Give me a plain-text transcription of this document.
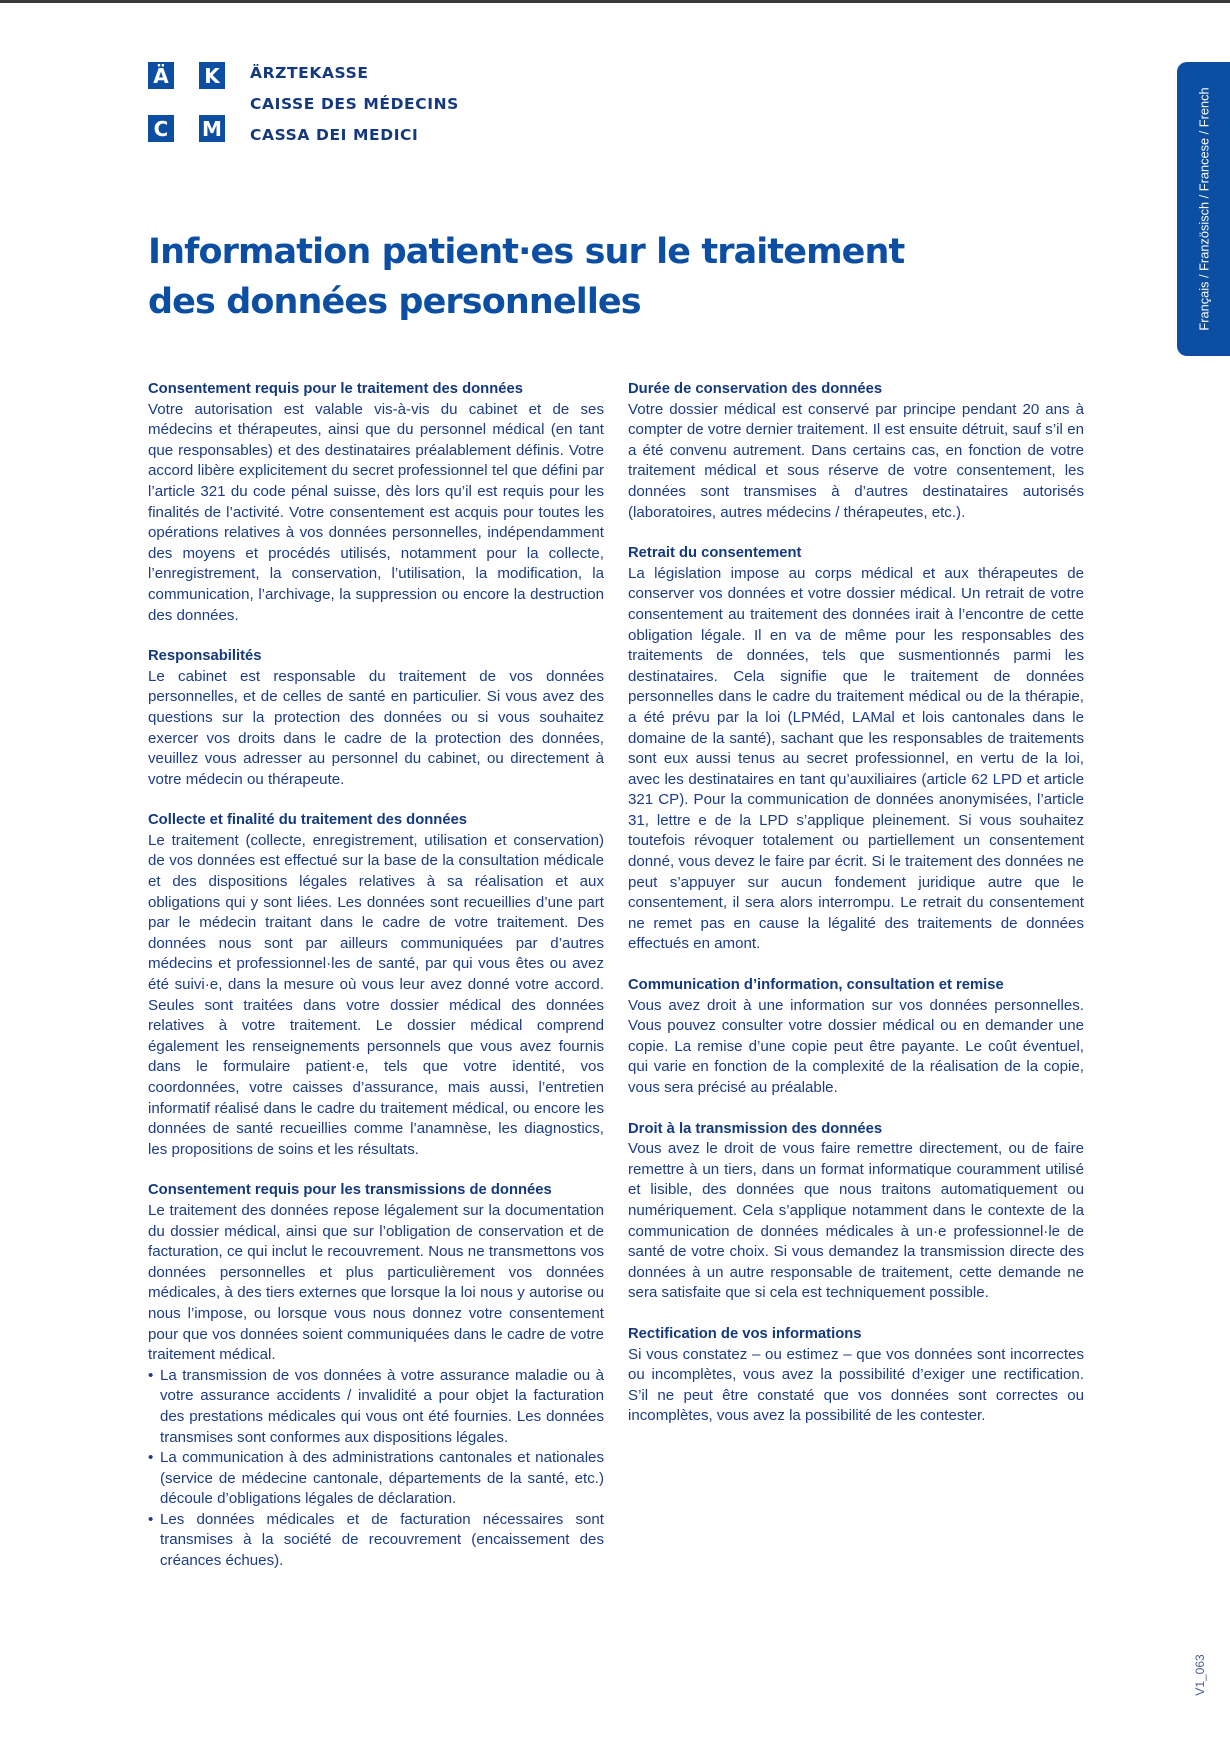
Ä K
C M
ÄRZTEKASSE
CAISSE DES MÉDECINS
CASSA DEI MEDICI
Information patient·es sur le traitement
des données personnelles	Français / Französisch / Francese / French
Consentement requis pour le traitement des données

Votre autorisation est valable vis-à-vis du cabinet et de ses médecins et thérapeutes, ainsi que du personnel médical (en tant que responsables) et des destinataires préalablement définis. Votre accord libère explicitement du secret professionnel tel que défini par l’article 321 du code pénal suisse, dès lors qu’il est requis pour les finalités de l’activité. Votre consentement est acquis pour toutes les opérations relatives à vos données personnelles, indépendamment des moyens et procédés utilisés, notamment pour la collecte, l’enregistrement, la conservation, l’utilisation, la modification, la communication, l’archivage, la suppression ou encore la destruction des données.

Responsabilités

Le cabinet est responsable du traitement de vos données personnelles, et de celles de santé en particulier. Si vous avez des questions sur la protection des données ou si vous souhaitez exercer vos droits dans le cadre de la protection des données, veuillez vous adresser au personnel du cabinet, ou directement à votre médecin ou thérapeute.

Collecte et finalité du traitement des données

Le traitement (collecte, enregistrement, utilisation et conservation) de vos données est effectué sur la base de la consultation médicale et des dispositions légales relatives à sa réalisation et aux obligations qui y sont liées. Les données sont recueillies d’une part par le médecin traitant dans le cadre de votre traitement. Des données nous sont par ailleurs communiquées par d’autres médecins et professionnel·les de santé, par qui vous êtes ou avez été suivi·e, dans la mesure où vous leur avez donné votre accord. Seules sont traitées dans votre dossier médical des données relatives à votre traitement. Le dossier médical comprend également les renseignements personnels que vous avez fournis dans le formulaire patient·e, tels que votre identité, vos coordonnées, votre caisses d’assurance, mais aussi, l’entretien informatif réalisé dans le cadre du traitement médical, ou encore les données de santé recueillies comme l’anamnèse, les diagnostics, les propositions de soins et les résultats.

Consentement requis pour les transmissions de données

Le traitement des données repose légalement sur la documentation du dossier médical, ainsi que sur l’obligation de conservation et de facturation, ce qui inclut le recouvrement. Nous ne transmettons vos données personnelles et plus particulièrement vos données médicales, à des tiers externes que lorsque la loi nous y autorise ou nous l’impose, ou lorsque vous nous donnez votre consentement pour que vos données soient communiquées dans le cadre de votre traitement médical.

• La transmission de vos données à votre assurance maladie ou à votre assurance accidents / invalidité a pour objet la facturation des prestations médicales qui vous ont été fournies. Les données transmises sont conformes aux dispositions légales.
• La communication à des administrations cantonales et nationales (service de médecine cantonale, départements de la santé, etc.) découle d’obligations légales de déclaration.
• Les données médicales et de facturation nécessaires sont transmises à la société de recouvrement (encaissement des créances échues).
Durée de conservation des données

Votre dossier médical est conservé par principe pendant 20 ans à compter de votre dernier traitement. Il est ensuite détruit, sauf s’il en a été convenu autrement. Dans certains cas, en fonction de votre traitement médical et sous réserve de votre consentement, les données sont transmises à d’autres destinataires autorisés (laboratoires, autres médecins / thérapeutes, etc.).

Retrait du consentement

La législation impose au corps médical et aux thérapeutes de conserver vos données et votre dossier médical. Un retrait de votre consentement au traitement des données irait à l’encontre de cette obligation légale. Il en va de même pour les responsables des traitements de données, tels que susmentionnés parmi les destinataires. Cela signifie que le traitement de données personnelles dans le cadre du traitement médical ou de la thérapie, a été prévu par la loi (LPMéd, LAMal et lois cantonales dans le domaine de la santé), sachant que les responsables de traitements sont eux aussi tenus au secret professionnel, en vertu de la loi, avec les destinataires en tant qu’auxiliaires (article 62 LPD et article 321 CP). Pour la communication de données anonymisées, l’article 31, lettre e de la LPD s’applique pleinement. Si vous souhaitez toutefois révoquer totalement ou partiellement un consentement donné, vous devez le faire par écrit. Si le traitement des données ne peut s’appuyer sur aucun fondement juridique autre que le consentement, il sera alors interrompu. Le retrait du consentement ne remet pas en cause la légalité des traitements de données effectués en amont.

Communication d’information, consultation et remise

Vous avez droit à une information sur vos données personnelles. Vous pouvez consulter votre dossier médical ou en demander une copie. La remise d’une copie peut être payante. Le coût éventuel, qui varie en fonction de la complexité de la réalisation de la copie, vous sera précisé au préalable.

Droit à la transmission des données

Vous avez le droit de vous faire remettre directement, ou de faire remettre à un tiers, dans un format informatique couramment utilisé et lisible, des données que nous traitons automatiquement ou numériquement. Cela s’applique notamment dans le contexte de la communication de données médicales à un·e professionnel·le de santé de votre choix. Si vous demandez la transmission directe des données à un autre responsable de traitement, cette demande ne sera satisfaite que si cela est techniquement possible.

Rectification de vos informations

Si vous constatez – ou estimez – que vos données sont incorrectes ou incomplètes, vous avez la possibilité d’exiger une rectification. S’il ne peut être constaté que vos données sont correctes ou incomplètes, vous avez la possibilité de les contester.

V1_063
